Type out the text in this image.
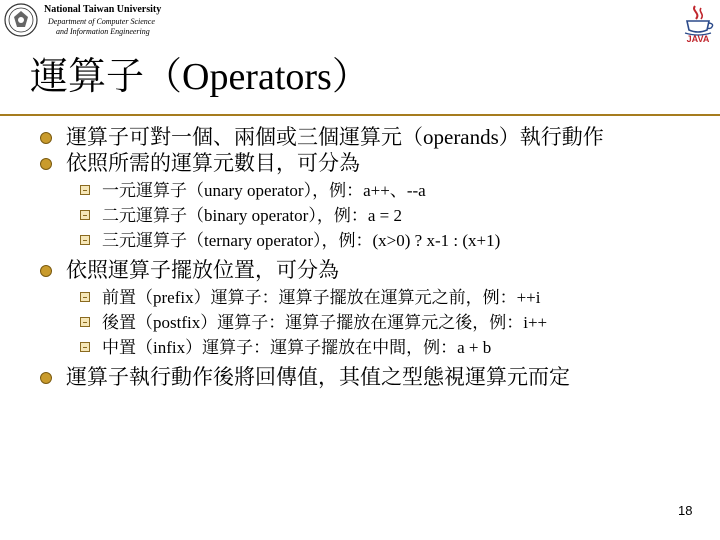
National Taiwan University
Department of Computer Science
and Information Engineering
JAVA
運算子（Operators）
運算子可對一個、兩個或三個運算元（operands）執行動作
依照所需的運算元數目，可分為
一元運算子（unary operator），例：a++、--a
二元運算子（binary operator），例：a = 2
三元運算子（ternary operator），例：(x>0) ? x-1 : (x+1)
依照運算子擺放位置，可分為
前置（prefix）運算子：運算子擺放在運算元之前，例：++i
後置（postfix）運算子：運算子擺放在運算元之後，例：i++
中置（infix）運算子：運算子擺放在中間，例：a + b
運算子執行動作後將回傳值，其值之型態視運算元而定
18
